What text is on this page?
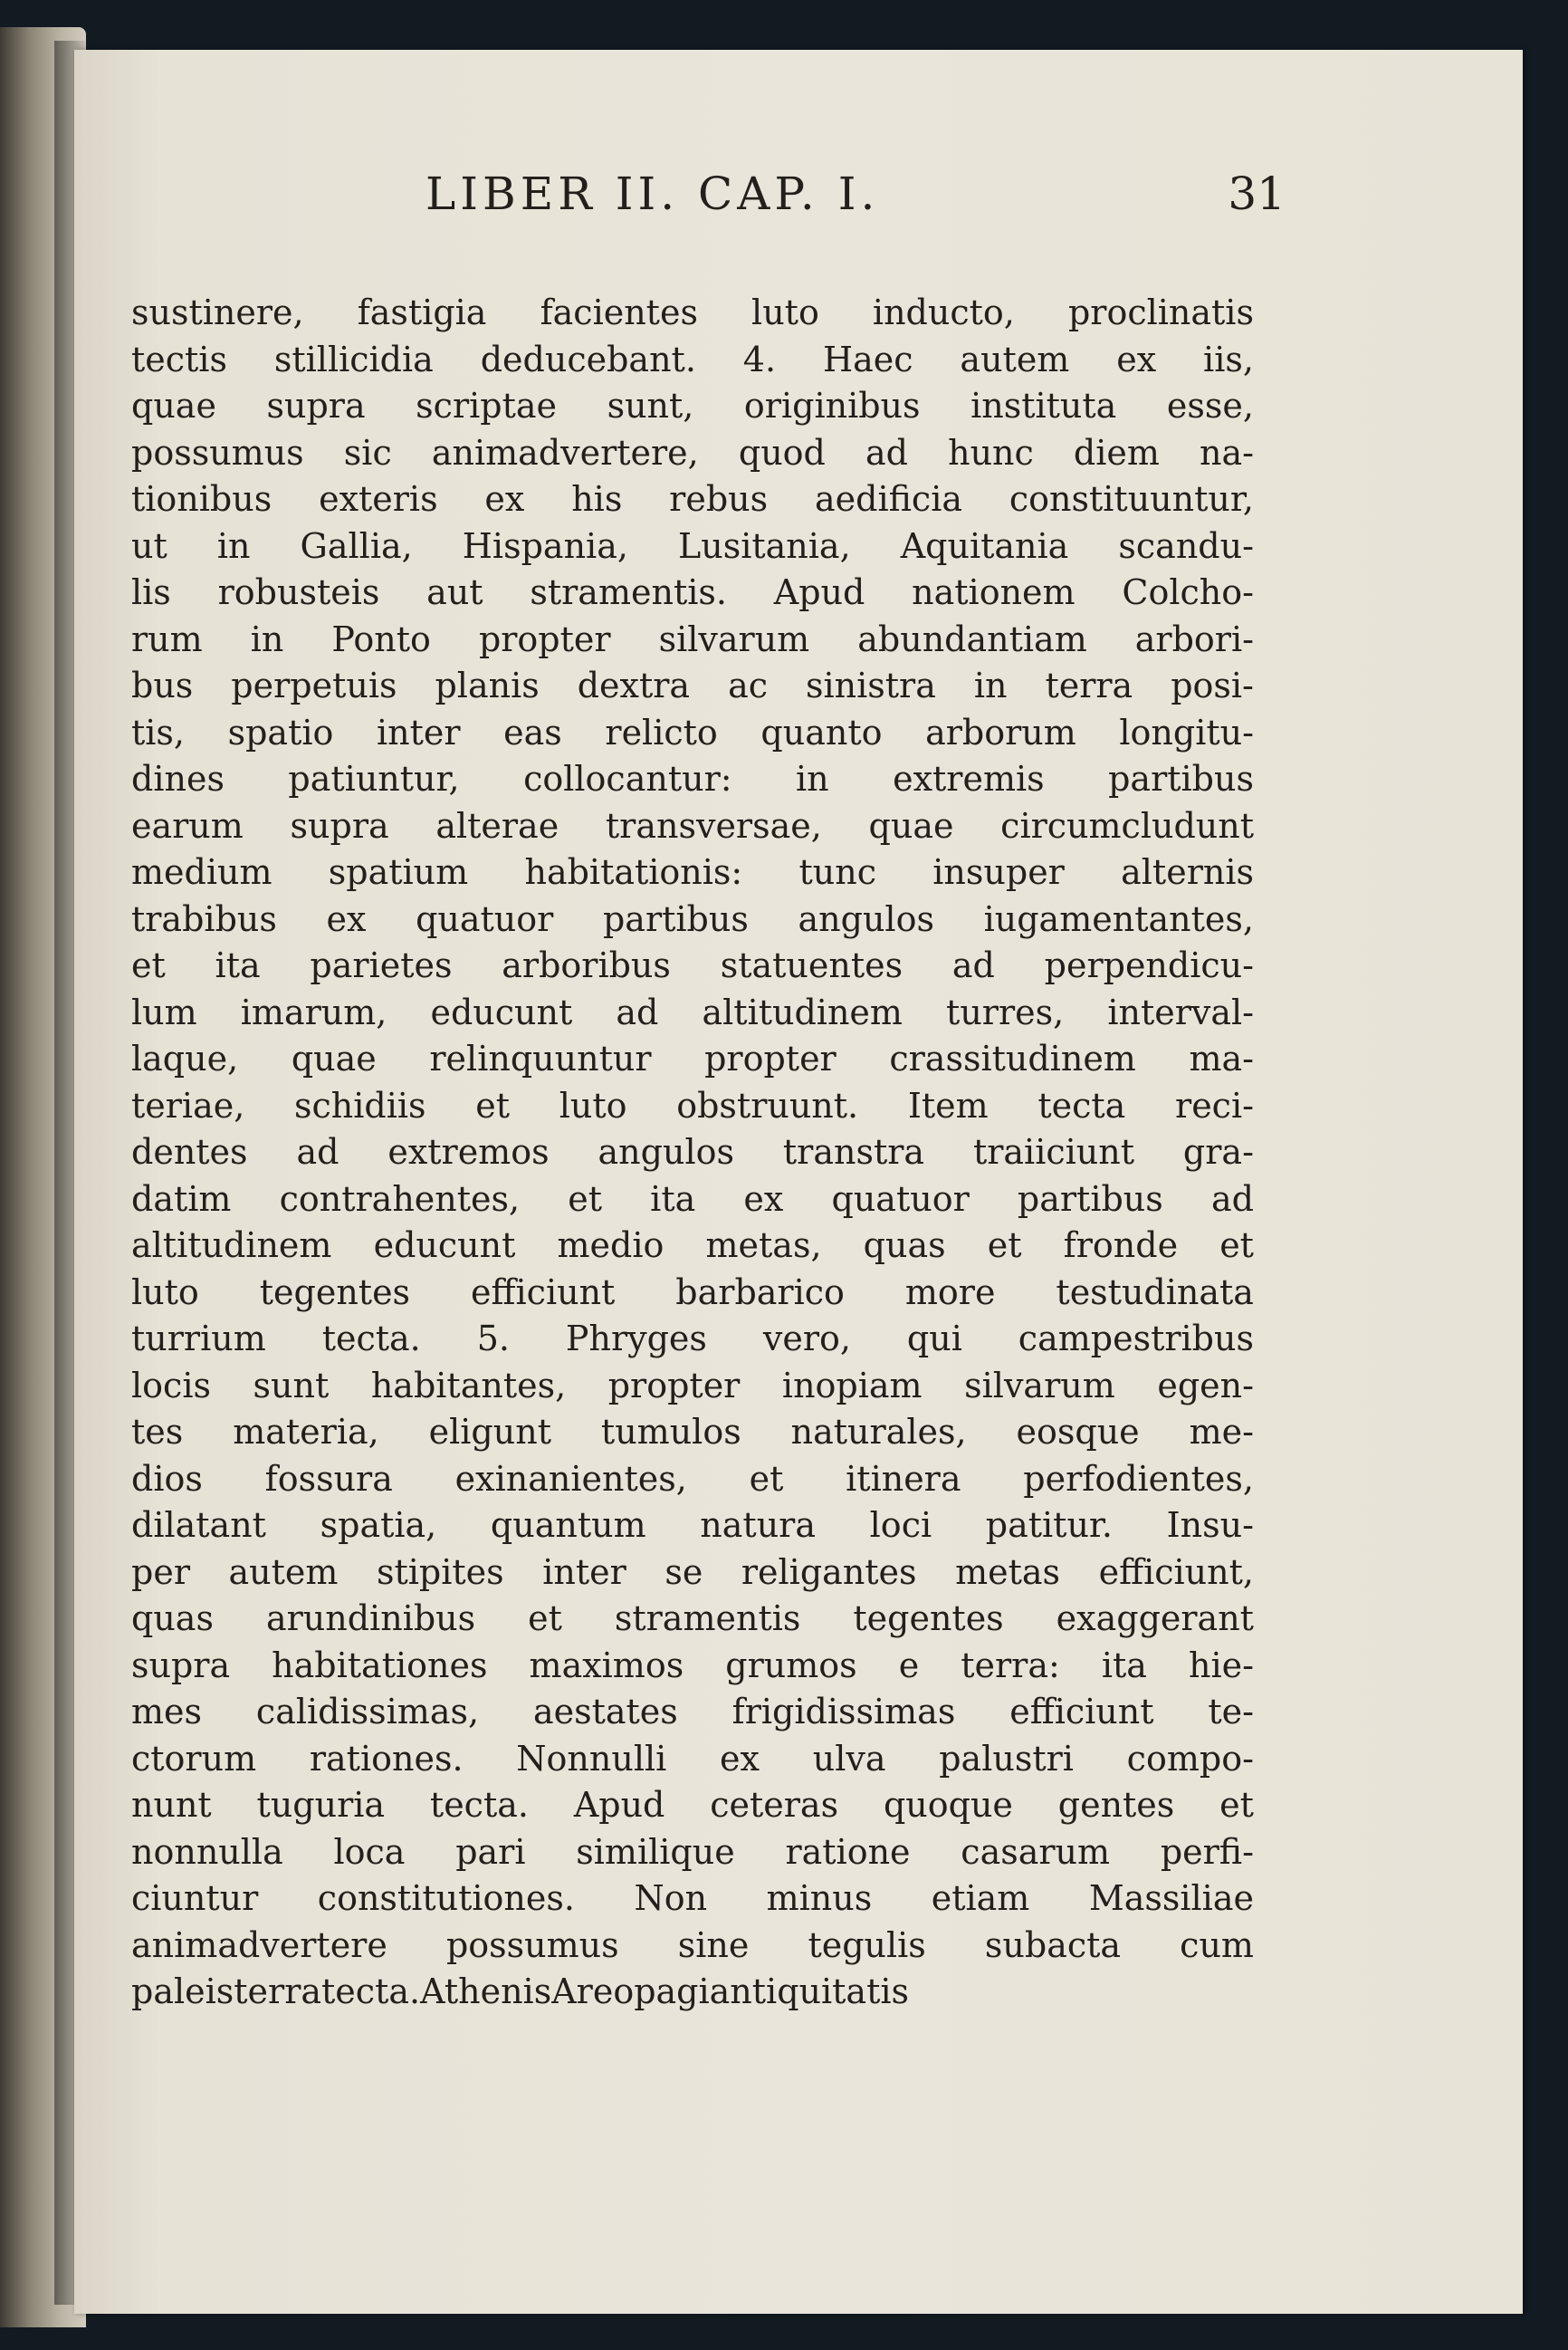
LIBER II. CAP. I.	31
sustinere, fastigia facientes luto inducto, proclinatis
tectis stillicidia deducebant. 4. Haec autem ex iis,
quae supra scriptae sunt, originibus instituta esse,
possumus sic animadvertere, quod ad hunc diem na-
tionibus exteris ex his rebus aedificia constituuntur,
ut in Gallia, Hispania, Lusitania, Aquitania scandu-
lis robusteis aut stramentis. Apud nationem Colcho-
rum in Ponto propter silvarum abundantiam arbori-
bus perpetuis planis dextra ac sinistra in terra posi-
tis, spatio inter eas relicto quanto arborum longitu-
dines patiuntur, collocantur: in extremis partibus
earum supra alterae transversae, quae circumcludunt
medium spatium habitationis: tunc insuper alternis
trabibus ex quatuor partibus angulos iugamentantes,
et ita parietes arboribus statuentes ad perpendicu-
lum imarum, educunt ad altitudinem turres, interval-
laque, quae relinquuntur propter crassitudinem ma-
teriae, schidiis et luto obstruunt. Item tecta reci-
dentes ad extremos angulos transtra traiiciunt gra-
datim contrahentes, et ita ex quatuor partibus ad
altitudinem educunt medio metas, quas et fronde et
luto tegentes efficiunt barbarico more testudinata
turrium tecta. 5. Phryges vero, qui campestribus
locis sunt habitantes, propter inopiam silvarum egen-
tes materia, eligunt tumulos naturales, eosque me-
dios fossura exinanientes, et itinera perfodientes,
dilatant spatia, quantum natura loci patitur. Insu-
per autem stipites inter se religantes metas efficiunt,
quas arundinibus et stramentis tegentes exaggerant
supra habitationes maximos grumos e terra: ita hie-
mes calidissimas, aestates frigidissimas efficiunt te-
ctorum rationes. Nonnulli ex ulva palustri compo-
nunt tuguria tecta. Apud ceteras quoque gentes et
nonnulla loca pari similique ratione casarum perfi-
ciuntur constitutiones. Non minus etiam Massiliae
animadvertere possumus sine tegulis subacta cum
paleis terra tecta. Athenis Areopagi antiquitatis
